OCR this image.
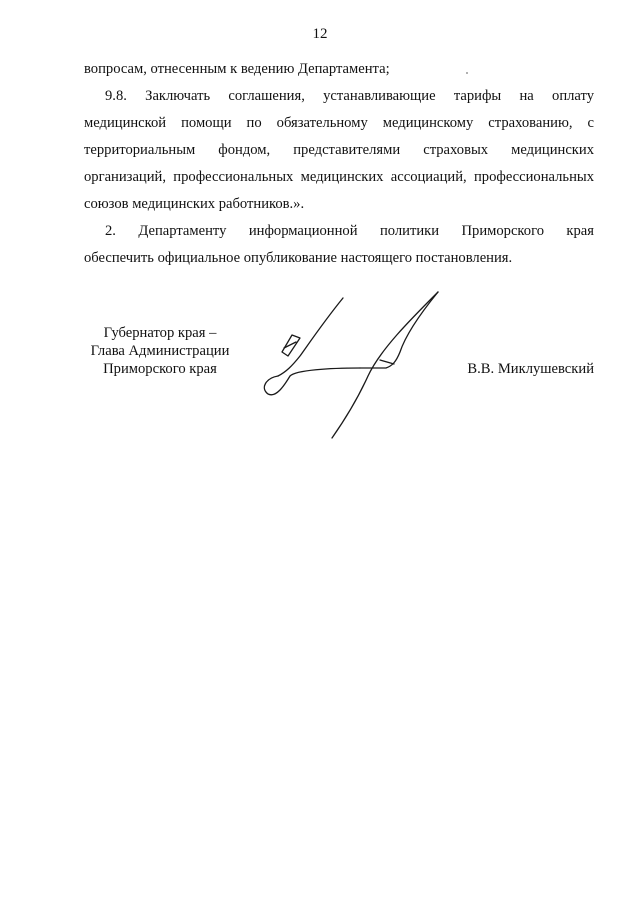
12
вопросам, отнесенным к ведению Департамента;
9.8. Заключать соглашения, устанавливающие тарифы на оплату
медицинской помощи по обязательному медицинскому страхованию, с
территориальным фондом, представителями страховых медицинских
организаций, профессиональных медицинских ассоциаций, профессиональных
союзов медицинских работников.».
2. Департаменту информационной политики Приморского края
обеспечить официальное опубликование настоящего постановления.
Губернатор края –
Глава Администрации
Приморского края	В.В. Миклушевский
